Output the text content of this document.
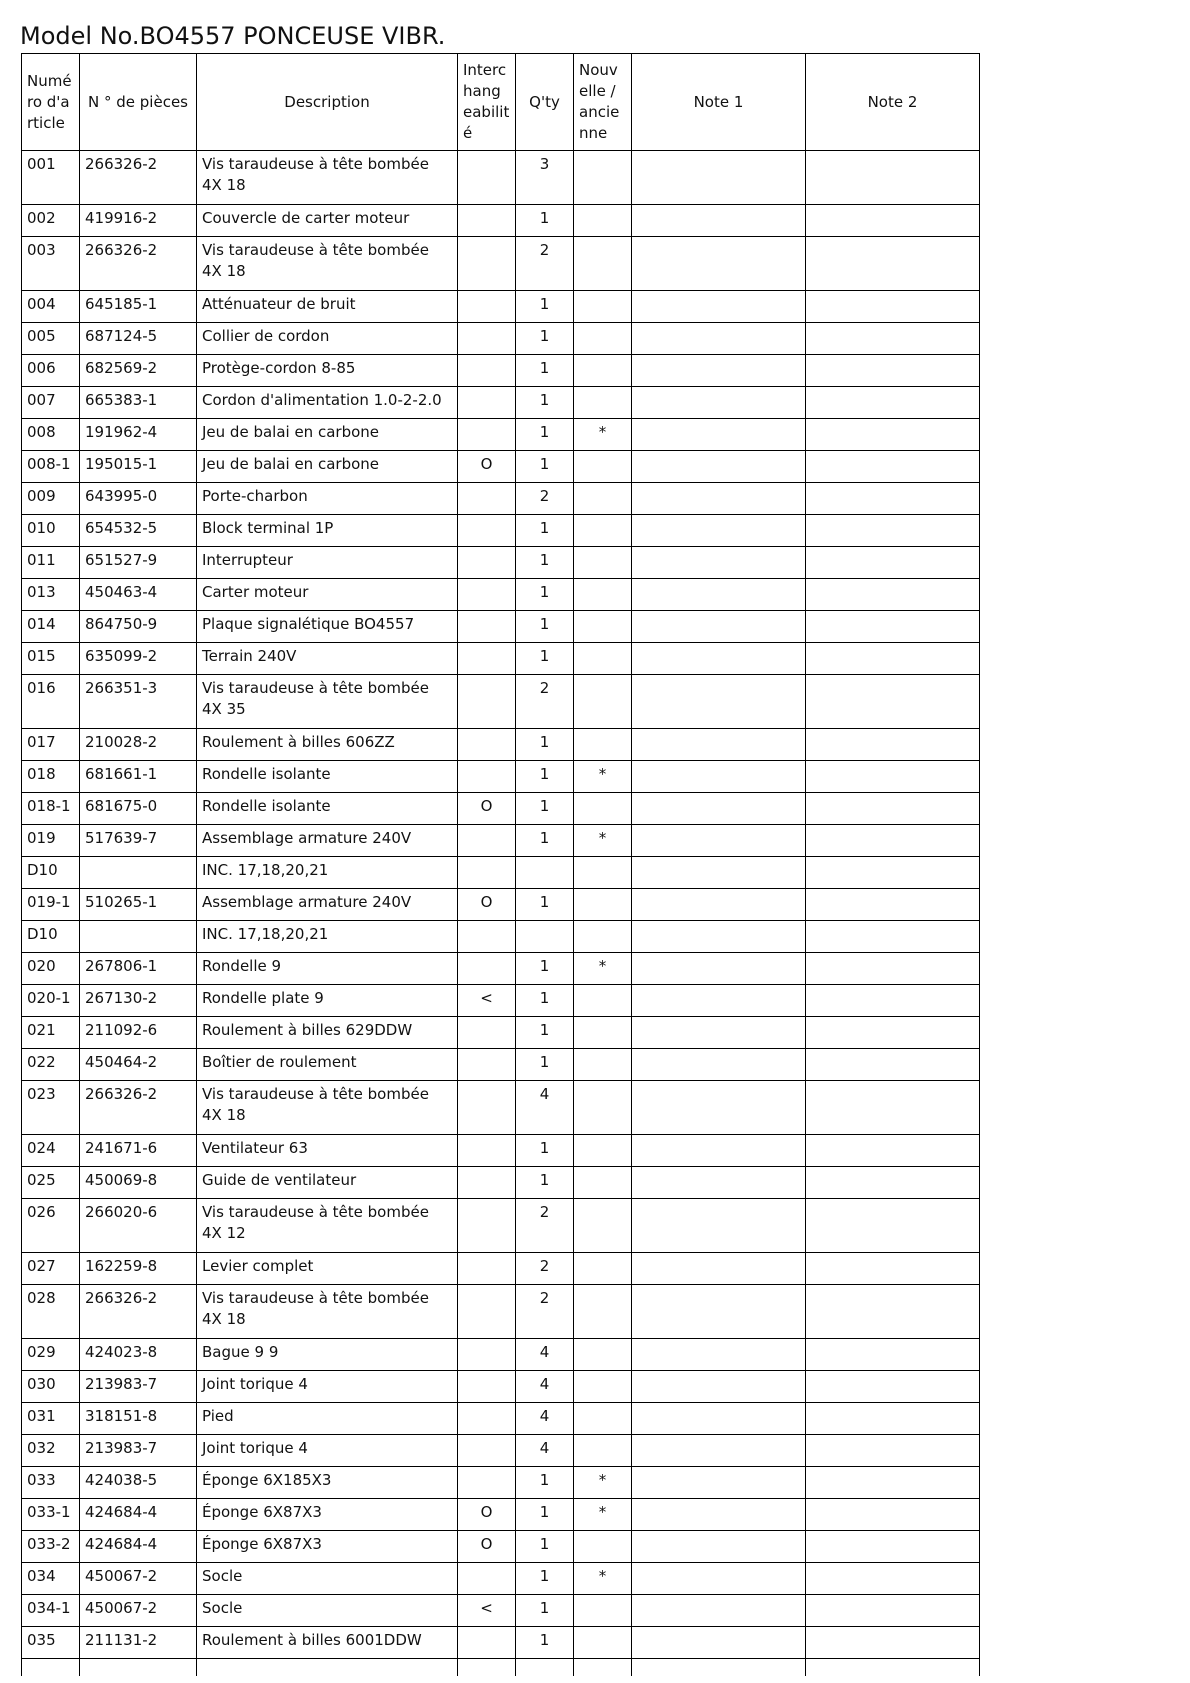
Model No.BO4557 PONCEUSE VIBR.
Numé ro d'a rticle	N ° de pièces	Description	Interc hang eabilit é	Q'ty	Nouv elle / ancie nne	Note 1	Note 2
001	266326-2	Vis taraudeuse à tête bombée 4X 18		3			
002	419916-2	Couvercle de carter moteur		1			
003	266326-2	Vis taraudeuse à tête bombée 4X 18		2			
004	645185-1	Atténuateur de bruit		1			
005	687124-5	Collier de cordon		1			
006	682569-2	Protège-cordon 8-85		1			
007	665383-1	Cordon d'alimentation 1.0-2-2.0		1			
008	191962-4	Jeu de balai en carbone		1	*		
008-1	195015-1	Jeu de balai en carbone	O	1			
009	643995-0	Porte-charbon		2			
010	654532-5	Block terminal 1P		1			
011	651527-9	Interrupteur		1			
013	450463-4	Carter moteur		1			
014	864750-9	Plaque signalétique BO4557		1			
015	635099-2	Terrain 240V		1			
016	266351-3	Vis taraudeuse à tête bombée 4X 35		2			
017	210028-2	Roulement à billes 606ZZ		1			
018	681661-1	Rondelle isolante		1	*		
018-1	681675-0	Rondelle isolante	O	1			
019	517639-7	Assemblage armature 240V		1	*		
D10		INC. 17,18,20,21					
019-1	510265-1	Assemblage armature 240V	O	1			
D10		INC. 17,18,20,21					
020	267806-1	Rondelle 9		1	*		
020-1	267130-2	Rondelle plate 9	<	1			
021	211092-6	Roulement à billes 629DDW		1			
022	450464-2	Boîtier de roulement		1			
023	266326-2	Vis taraudeuse à tête bombée 4X 18		4			
024	241671-6	Ventilateur 63		1			
025	450069-8	Guide de ventilateur		1			
026	266020-6	Vis taraudeuse à tête bombée 4X 12		2			
027	162259-8	Levier complet		2			
028	266326-2	Vis taraudeuse à tête bombée 4X 18		2			
029	424023-8	Bague 9 9		4			
030	213983-7	Joint torique 4		4			
031	318151-8	Pied		4			
032	213983-7	Joint torique 4		4			
033	424038-5	Éponge 6X185X3		1	*		
033-1	424684-4	Éponge 6X87X3	O	1	*		
033-2	424684-4	Éponge 6X87X3	O	1			
034	450067-2	Socle		1	*		
034-1	450067-2	Socle	<	1			
035	211131-2	Roulement à billes 6001DDW		1			
